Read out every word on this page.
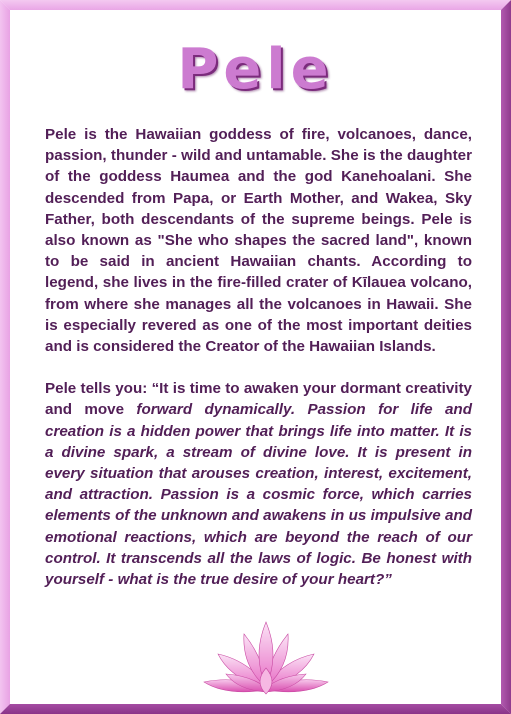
Pele

Pele is the Hawaiian goddess of fire, volcanoes, dance, passion, thunder - wild and untamable. She is the daughter of the goddess Haumea and the god Kanehoalani. She descended from Papa, or Earth Mother, and Wakea, Sky Father, both descendants of the supreme beings. Pele is also known as "She who shapes the sacred land", known to be said in ancient Hawaiian chants. According to legend, she lives in the fire-filled crater of Kīlauea volcano, from where she manages all the volcanoes in Hawaii. She is especially revered as one of the most important deities and is considered the Creator of the Hawaiian Islands.

Pele tells you: “It is time to awaken your dormant creativity and move forward dynamically. Passion for life and creation is a hidden power that brings life into matter. It is a divine spark, a stream of divine love. It is present in every situation that arouses creation, interest, excitement, and attraction. Passion is a cosmic force, which carries elements of the unknown and awakens in us impulsive and emotional reactions, which are beyond the reach of our control. It transcends all the laws of logic. Be honest with yourself - what is the true desire of your heart?”
